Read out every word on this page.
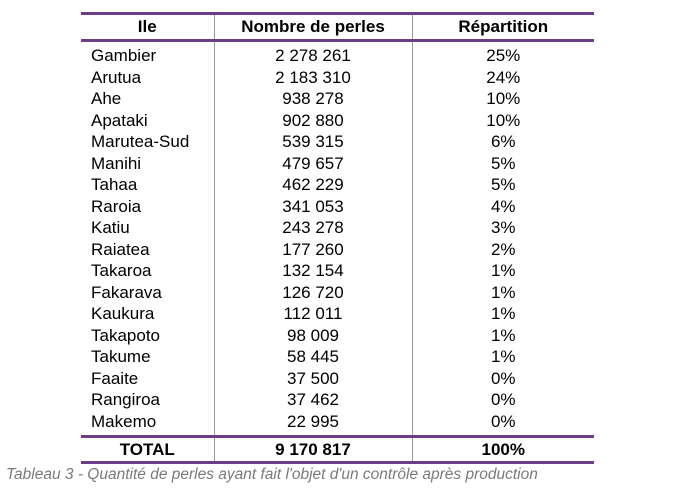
Ile	Nombre de perles	Répartition
Gambier	2 278 261	25%
Arutua	2 183 310	24%
Ahe	938 278	10%
Apataki	902 880	10%
Marutea-Sud	539 315	6%
Manihi	479 657	5%
Tahaa	462 229	5%
Raroia	341 053	4%
Katiu	243 278	3%
Raiatea	177 260	2%
Takaroa	132 154	1%
Fakarava	126 720	1%
Kaukura	112 011	1%
Takapoto	98 009	1%
Takume	58 445	1%
Faaite	37 500	0%
Rangiroa	37 462	0%
Makemo	22 995	0%
TOTAL	9 170 817	100%
Tableau 3 - Quantité de perles ayant fait l'objet d'un contrôle après production
